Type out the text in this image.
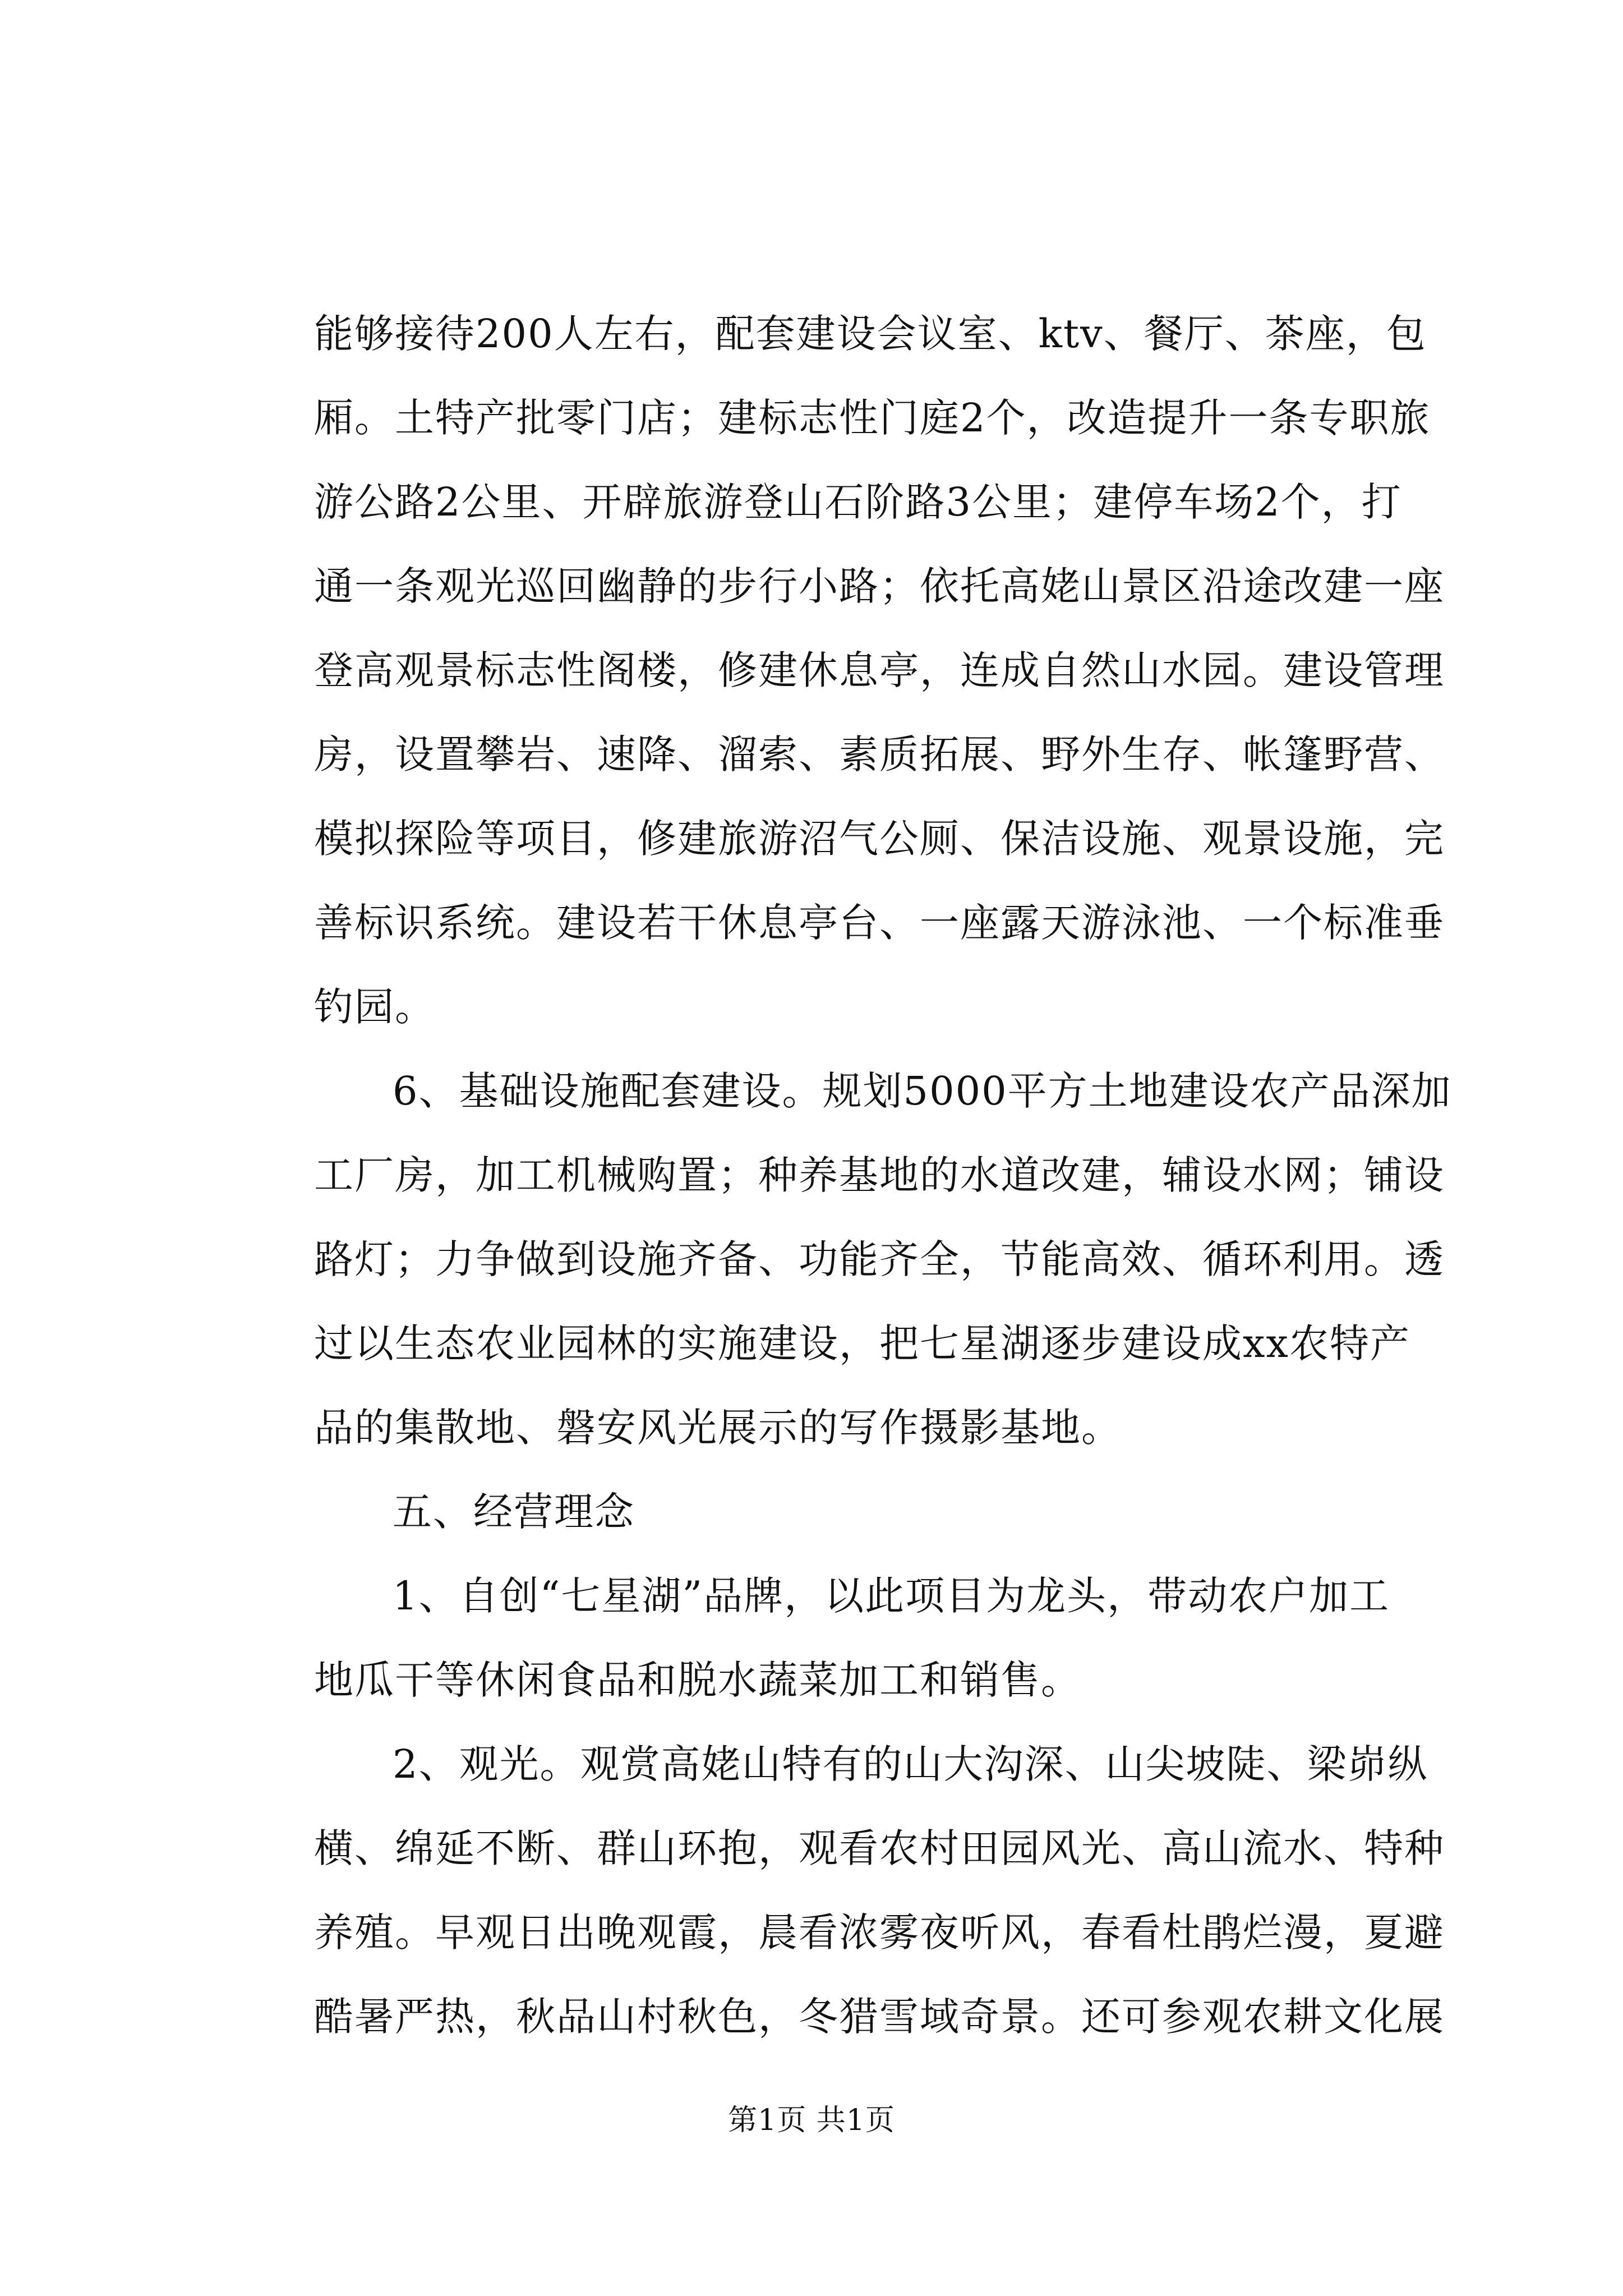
能够接待200人左右，配套建设会议室、ktv、餐厅、茶座，包
厢。土特产批零门店；建标志性门庭2个，改造提升一条专职旅
游公路2公里、开辟旅游登山石阶路3公里；建停车场2个，打
通一条观光巡回幽静的步行小路；依托高姥山景区沿途改建一座
登高观景标志性阁楼，修建休息亭，连成自然山水园。建设管理
房，设置攀岩、速降、溜索、素质拓展、野外生存、帐篷野营、
模拟探险等项目，修建旅游沼气公厕、保洁设施、观景设施，完
善标识系统。建设若干休息亭台、一座露天游泳池、一个标准垂
钓园。
6、基础设施配套建设。规划5000平方土地建设农产品深加
工厂房，加工机械购置；种养基地的水道改建，辅设水网；铺设
路灯；力争做到设施齐备、功能齐全，节能高效、循环利用。透
过以生态农业园林的实施建设，把七星湖逐步建设成xx农特产
品的集散地、磐安风光展示的写作摄影基地。
五、经营理念
1、自创“七星湖”品牌，以此项目为龙头，带动农户加工
地瓜干等休闲食品和脱水蔬菜加工和销售。
2、观光。观赏高姥山特有的山大沟深、山尖坡陡、梁峁纵
横、绵延不断、群山环抱，观看农村田园风光、高山流水、特种
养殖。早观日出晚观霞，晨看浓雾夜听风，春看杜鹃烂漫，夏避
酷暑严热，秋品山村秋色，冬猎雪域奇景。还可参观农耕文化展
第1页 共1页
